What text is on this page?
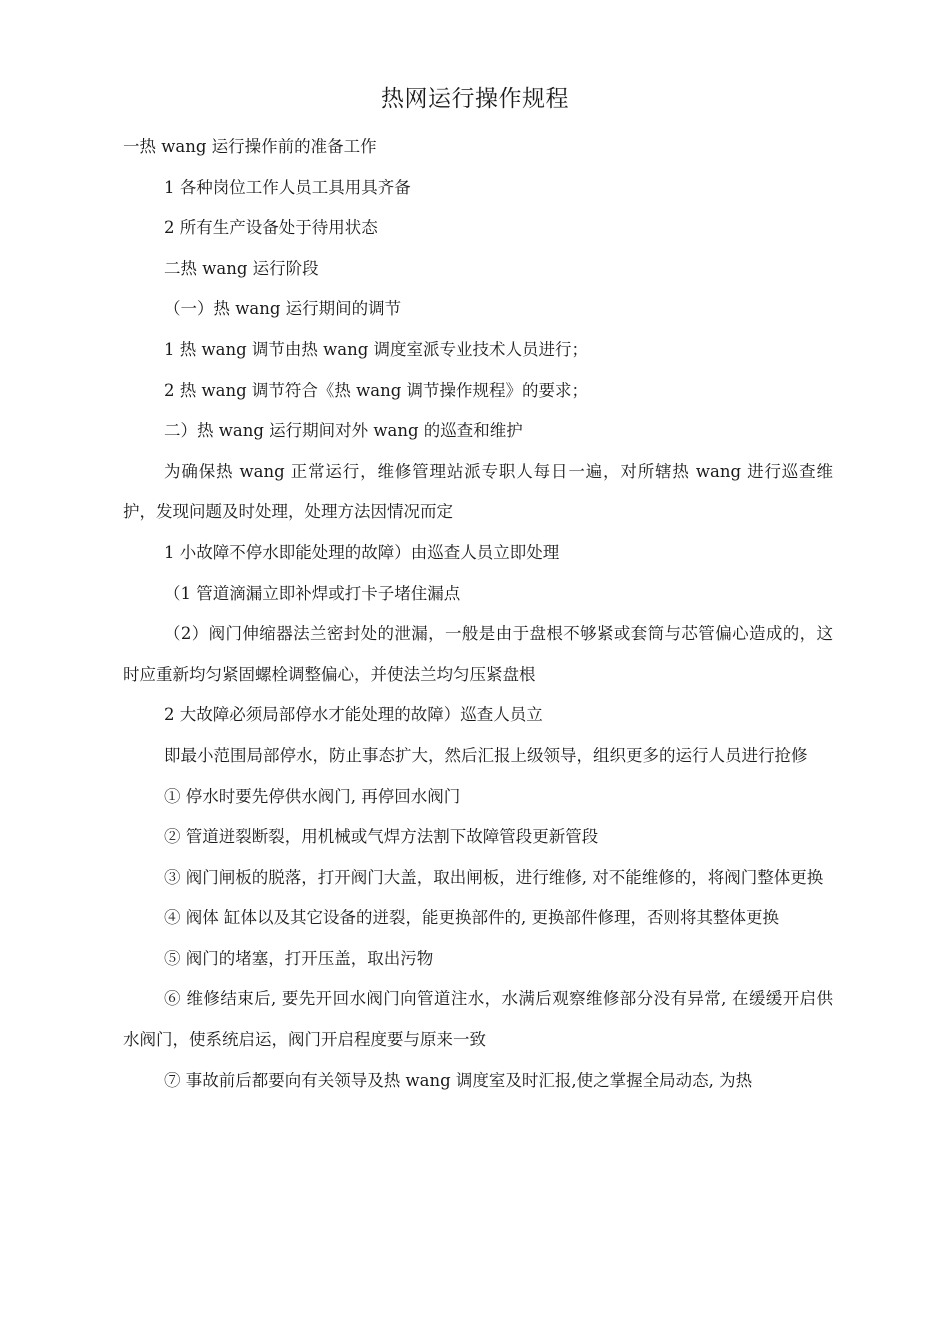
热网运行操作规程

一热 wang 运行操作前的准备工作

1 各种岗位工作人员工具用具齐备

2 所有生产设备处于待用状态

二热 wang 运行阶段

（一）热 wang 运行期间的调节

1 热 wang 调节由热 wang 调度室派专业技术人员进行；

2 热 wang 调节符合《热 wang 调节操作规程》的要求；

二）热 wang 运行期间对外 wang 的巡查和维护

为确保热 wang 正常运行，维修管理站派专职人每日一遍，对所辖热 wang 进行巡查维护，发现问题及时处理，处理方法因情况而定

1 小故障不停水即能处理的故障）由巡查人员立即处理

（1 管道滴漏立即补焊或打卡子堵住漏点

（2）阀门伸缩器法兰密封处的泄漏，一般是由于盘根不够紧或套筒与芯管偏心造成的，这时应重新均匀紧固螺栓调整偏心，并使法兰均匀压紧盘根

2 大故障必须局部停水才能处理的故障）巡查人员立

即最小范围局部停水，防止事态扩大，然后汇报上级领导，组织更多的运行人员进行抢修

① 停水时要先停供水阀门, 再停回水阀门

② 管道迸裂断裂，用机械或气焊方法割下故障管段更新管段

③ 阀门闸板的脱落，打开阀门大盖，取出闸板，进行维修, 对不能维修的，将阀门整体更换

④ 阀体 缸体以及其它设备的迸裂，能更换部件的, 更换部件修理，否则将其整体更换

⑤ 阀门的堵塞，打开压盖，取出污物

⑥ 维修结束后, 要先开回水阀门向管道注水，水满后观察维修部分没有异常, 在缓缓开启供水阀门，使系统启运，阀门开启程度要与原来一致

⑦ 事故前后都要向有关领导及热 wang 调度室及时汇报,使之掌握全局动态, 为热
